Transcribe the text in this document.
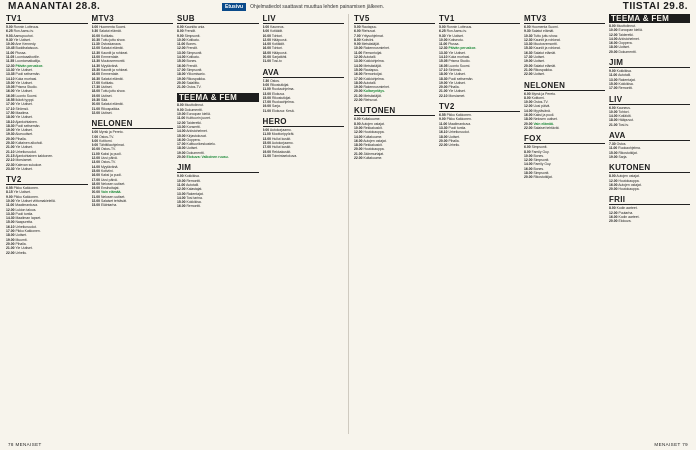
MAANANTAI 28.8.	Etusivu	Ohjelmatiedot saattavat muuttua lehden painamisen jälkeen.	TIISTAI 29.8.
TV1
5.00 Ronnin Lotteuus.
6.25 Ron Aamu-tv.
9.03 Aamupuuhot.
9.30 Yle Uutiset.
10.00 Ane Kennedy.
10.45 Buddhalaisuus.
11.00 Plussa.
11.05 Luontoaaltoville.
11.55 Luontomatkailija.
12.30 Päivän peruskoe.
13.30 Yle Uutiset.
13.35 Puoli seitsemän.
14.10 Kuka murhasi.
15.00 Yle Uutiset.
15.05 Prisma Studio.
16.00 Yle Uutiset.
16.05 Luonto Suomi.
16.55 Ikävä tyyppi.
17.00 Yle Uutiset.
17.10 Strömsö.
17.50 Maailma.
18.00 Yle Uutiset.
18.10 Ajankohtainen.
18.30 Puoli seitsemän.
19.00 Yle Uutiset.
19.30 Alueuutiset.
20.00 Pihalla.
20.30 Kultainen alkoholi.
21.00 Yle Uutiset.
21.10 Urheiluruudut.
21.15 Ajankohtainen kakkonen.
22.10 Morsiamet.
22.30 Kalevan sukukoe.
23.30 Yle Uutiset.
TV2
6.55 Pikku Kakkonen.
8.15 Yle Uutiset.
9.00 Pikku Kakkonen.
10.00 Yle Uutiset viittomakielellä.
11.00 Maailmankuva.
12.00 Lukion talous.
13.30 Puoli tuntia.
14.30 Maailman lapset.
15.00 Naapureita.
16.10 Urheiluruudut.
17.00 Pikku Kakkonen.
18.00 Uutiset.
19.00 Muumit.
20.00 Pihalla.
21.00 Yle Uutiset.
22.00 Urheilu.
MTV3
6.00 Huomenta Suomi.
9.30 Salatut elämät.
10.00 Kotikatu.
10.30 Tuttu juttu show.
11.30 Ostoskanava.
12.00 Salatut elämät.
12.30 Kauniit ja rohkeat.
13.00 Emmerdale.
13.30 Muutosremontti.
14.30 Myytävänä.
15.30 Kauniit ja rohkeat.
16.00 Emmerdale.
16.30 Salatut elämät.
17.00 Kotikatu.
17.30 Uutiset.
18.00 Tuttu juttu show.
19.00 Uutiset.
19.30 Sää.
20.00 Salatut elämät.
21.00 Rikospaikka.
22.00 Uutiset.
NELONEN
6.00 Myrsk ja Pereto.
7.00 Ostos-TV.
8.00 Kotitorni.
9.00 Tähtitilaohjelmat.
10.00 Ostos-TV.
11.00 Kaksi ja puoli.
12.00 Uusi päivä.
13.00 Ostos-TV.
14.00 Myytävänä.
15.00 Kotiviini.
16.00 Kaksi ja puoli.
17.00 Uusi päivä.
18.00 Nelosen uutiset.
19.00 Ensihoitajat.
20.00 Vain elämää.
21.00 Nelosen uutiset.
22.00 Salaiset tehtävät.
23.00 Eläintarha.
SUB
6.00 Kauniita unia.
8.00 Frendit.
9.00 Simpsonit.
10.00 Kotikatu.
11.00 Bones.
12.00 Frendit.
13.00 Simpsonit.
14.00 Kotikatu.
15.00 Bones.
16.00 Frendit.
17.00 Simpsonit.
18.00 Ylikomisario.
19.00 Rikospaikka.
20.00 Salaliitto.
21.00 Ostos-TV.
TEEMA & FEM
8.00 Muuttolinnut.
9.00 Dokumentti.
10.00 Euroopan kieliä.
11.00 Kulttuurin juuret.
12.00 Taideretki.
13.00 Konsertti.
14.00 Arkistohelmet.
15.00 Kirjastokuvat.
16.00 Ooppera.
17.00 Kulttuurikeskustelu.
18.00 Uutiset.
19.00 Dokumentti.
20.00 Elokuva: Valkoinen ruusu.
JIM
9.00 Kokkikisa.
10.00 Remontti.
11.00 Autotalli.
12.00 Kalastajat.
13.00 Rakentajat.
14.00 Tosi tarina.
15.00 Kokkikisa.
16.00 Remontti.
LIV
6.00 Kauneus.
8.00 Kotiäidit.
10.00 Tohtori.
12.00 Hääpuvut.
14.00 Kotiäidit.
16.00 Tohtori.
18.00 Hääpuvut.
20.00 Sarjatähti.
21.00 Tosi-tv.
AVA
7.30 Ostos.
9.00 Rikostutkijat.
11.00 Ruokaohjelma.
13.00 Elokuva.
15.00 Rikostutkijat.
17.00 Ruokaohjelma.
19.00 Sarja.
21.00 Elokuva: Kesä.
HERO
9.00 Autokorjaamo.
11.00 Moottoripyörät.
13.00 Hullut kuskit.
15.00 Autokorjaamo.
17.00 Hullut kuskit.
19.00 Rekkakuskit.
21.00 Toimintaelokuva.
TV5
5.00 Rautapuu.
6.00 Riehuvat.
7.00 Yritysohjelmat.
8.00 Kotiviini.
9.00 Metsästäjät.
10.00 Rakennusmiehet.
11.00 Remontoijat.
12.00 Autotalli.
13.00 Kokkiohjelma.
14.00 Metsästäjät.
15.00 Rautapuu.
16.00 Remontoijat.
17.00 Kokkiohjelma.
18.00 Autotalli.
19.00 Rakennusmiehet.
20.00 Kultaryntäys.
21.00 Metsästäjät.
22.00 Riehuvat.
KUTONEN
6.00 Kultakuume.
8.00 Autojen ostajat.
10.00 Rekkakuskit.
12.00 Huutokauppa.
14.00 Kultakuume.
16.00 Autojen ostajat.
18.00 Rekkakuskit.
20.00 Huutokauppa.
21.00 Jäänmurtajat.
22.00 Kultakuume.
TV1
5.00 Ronnin Lotteuus.
6.25 Ron Aamu-tv.
9.30 Yle Uutiset.
10.00 Kotiseutu.
11.00 Plussa.
12.30 Päivän peruskoe.
13.30 Yle Uutiset.
14.10 Kuka murhasi.
15.05 Prisma Studio.
16.05 Luonto Suomi.
17.10 Strömsö.
18.00 Yle Uutiset.
18.30 Puoli seitsemän.
19.00 Yle Uutiset.
20.00 Pihalla.
21.00 Yle Uutiset.
22.10 Morsiamet.
TV2
6.55 Pikku Kakkonen.
9.00 Pikku Kakkonen.
11.00 Maailmankuva.
13.30 Puoli tuntia.
16.10 Urheiluruudut.
18.00 Uutiset.
20.00 Pihalla.
22.00 Urheilu.
MTV3
6.00 Huomenta Suomi.
9.30 Salatut elämät.
10.30 Tuttu juttu show.
12.30 Kauniit ja rohkeat.
13.30 Muutosremontti.
15.30 Kauniit ja rohkeat.
16.30 Salatut elämät.
17.30 Uutiset.
19.00 Uutiset.
20.00 Salatut elämät.
21.00 Rikospaikka.
22.00 Uutiset.
NELONEN
6.00 Myrsk ja Pereto.
8.00 Kotitorni.
10.00 Ostos-TV.
12.00 Uusi päivä.
14.00 Myytävänä.
16.00 Kaksi ja puoli.
18.00 Nelosen uutiset.
20.00 Vain elämää.
22.00 Salaiset tehtävät.
FOX
6.00 Simpsonit.
8.00 Family Guy.
10.00 Bones.
12.00 Simpsonit.
14.00 Family Guy.
16.00 Bones.
18.00 Simpsonit.
20.00 Rikostutkijat.
TEEMA & FEM
8.00 Muuttolinnut.
10.00 Euroopan kieliä.
12.00 Taideretki.
14.00 Arkistohelmet.
16.00 Ooppera.
18.00 Uutiset.
20.00 Dokumentti.
JIM
9.00 Kokkikisa.
11.00 Autotalli.
13.00 Rakentajat.
15.00 Kokkikisa.
17.00 Remontti.
LIV
6.00 Kauneus.
10.00 Tohtori.
14.00 Kotiäidit.
18.00 Hääpuvut.
21.00 Tosi-tv.
AVA
7.30 Ostos.
11.00 Ruokaohjelma.
15.00 Rikostutkijat.
19.00 Sarja.
KUTONEN
8.00 Autojen ostajat.
12.00 Huutokauppa.
16.00 Autojen ostajat.
20.00 Huutokauppa.
FRII
8.00 Kodin aarteet.
12.00 Puutarha.
16.00 Kodin aarteet.
20.00 Elokuva.
78 MENAISET	MENAISET 79
